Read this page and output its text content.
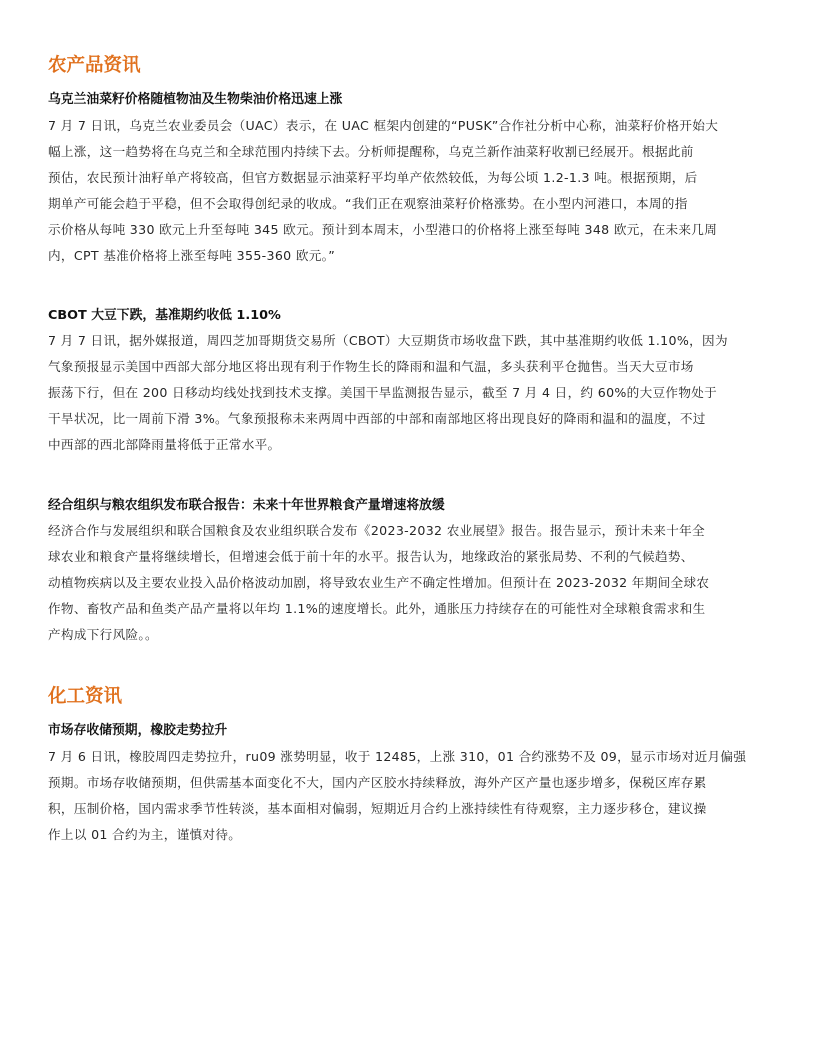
农产品资讯
乌克兰油菜籽价格随植物油及生物柴油价格迅速上涨
7 月 7 日讯，乌克兰农业委员会（UAC）表示，在 UAC 框架内创建的“PUSK”合作社分析中心称，油菜籽价格开始大
幅上涨，这一趋势将在乌克兰和全球范围内持续下去。分析师提醒称，乌克兰新作油菜籽收割已经展开。根据此前
预估，农民预计油籽单产将较高，但官方数据显示油菜籽平均单产依然较低，为每公顷 1.2-1.3 吨。根据预期，后
期单产可能会趋于平稳，但不会取得创纪录的收成。“我们正在观察油菜籽价格涨势。在小型内河港口，本周的指
示价格从每吨 330 欧元上升至每吨 345 欧元。预计到本周末，小型港口的价格将上涨至每吨 348 欧元，在未来几周
内，CPT 基准价格将上涨至每吨 355-360 欧元。”
CBOT 大豆下跌，基准期约收低 1.10%
7 月 7 日讯，据外媒报道，周四芝加哥期货交易所（CBOT）大豆期货市场收盘下跌，其中基准期约收低 1.10%，因为
气象预报显示美国中西部大部分地区将出现有利于作物生长的降雨和温和气温，多头获利平仓抛售。当天大豆市场
振荡下行，但在 200 日移动均线处找到技术支撑。美国干旱监测报告显示，截至 7 月 4 日，约 60%的大豆作物处于
干旱状况，比一周前下滑 3%。气象预报称未来两周中西部的中部和南部地区将出现良好的降雨和温和的温度，不过
中西部的西北部降雨量将低于正常水平。
经合组织与粮农组织发布联合报告：未来十年世界粮食产量增速将放缓
经济合作与发展组织和联合国粮食及农业组织联合发布《2023-2032 农业展望》报告。报告显示，预计未来十年全
球农业和粮食产量将继续增长，但增速会低于前十年的水平。报告认为，地缘政治的紧张局势、不利的气候趋势、
动植物疾病以及主要农业投入品价格波动加剧，将导致农业生产不确定性增加。但预计在 2023-2032 年期间全球农
作物、畜牧产品和鱼类产品产量将以年均 1.1%的速度增长。此外，通胀压力持续存在的可能性对全球粮食需求和生
产构成下行风险。。
化工资讯
市场存收储预期，橡胶走势拉升
7 月 6 日讯，橡胶周四走势拉升，ru09 涨势明显，收于 12485，上涨 310，01 合约涨势不及 09，显示市场对近月偏强
预期。市场存收储预期，但供需基本面变化不大，国内产区胶水持续释放，海外产区产量也逐步增多，保税区库存累
积，压制价格，国内需求季节性转淡，基本面相对偏弱，短期近月合约上涨持续性有待观察，主力逐步移仓，建议操
作上以 01 合约为主，谨慎对待。
